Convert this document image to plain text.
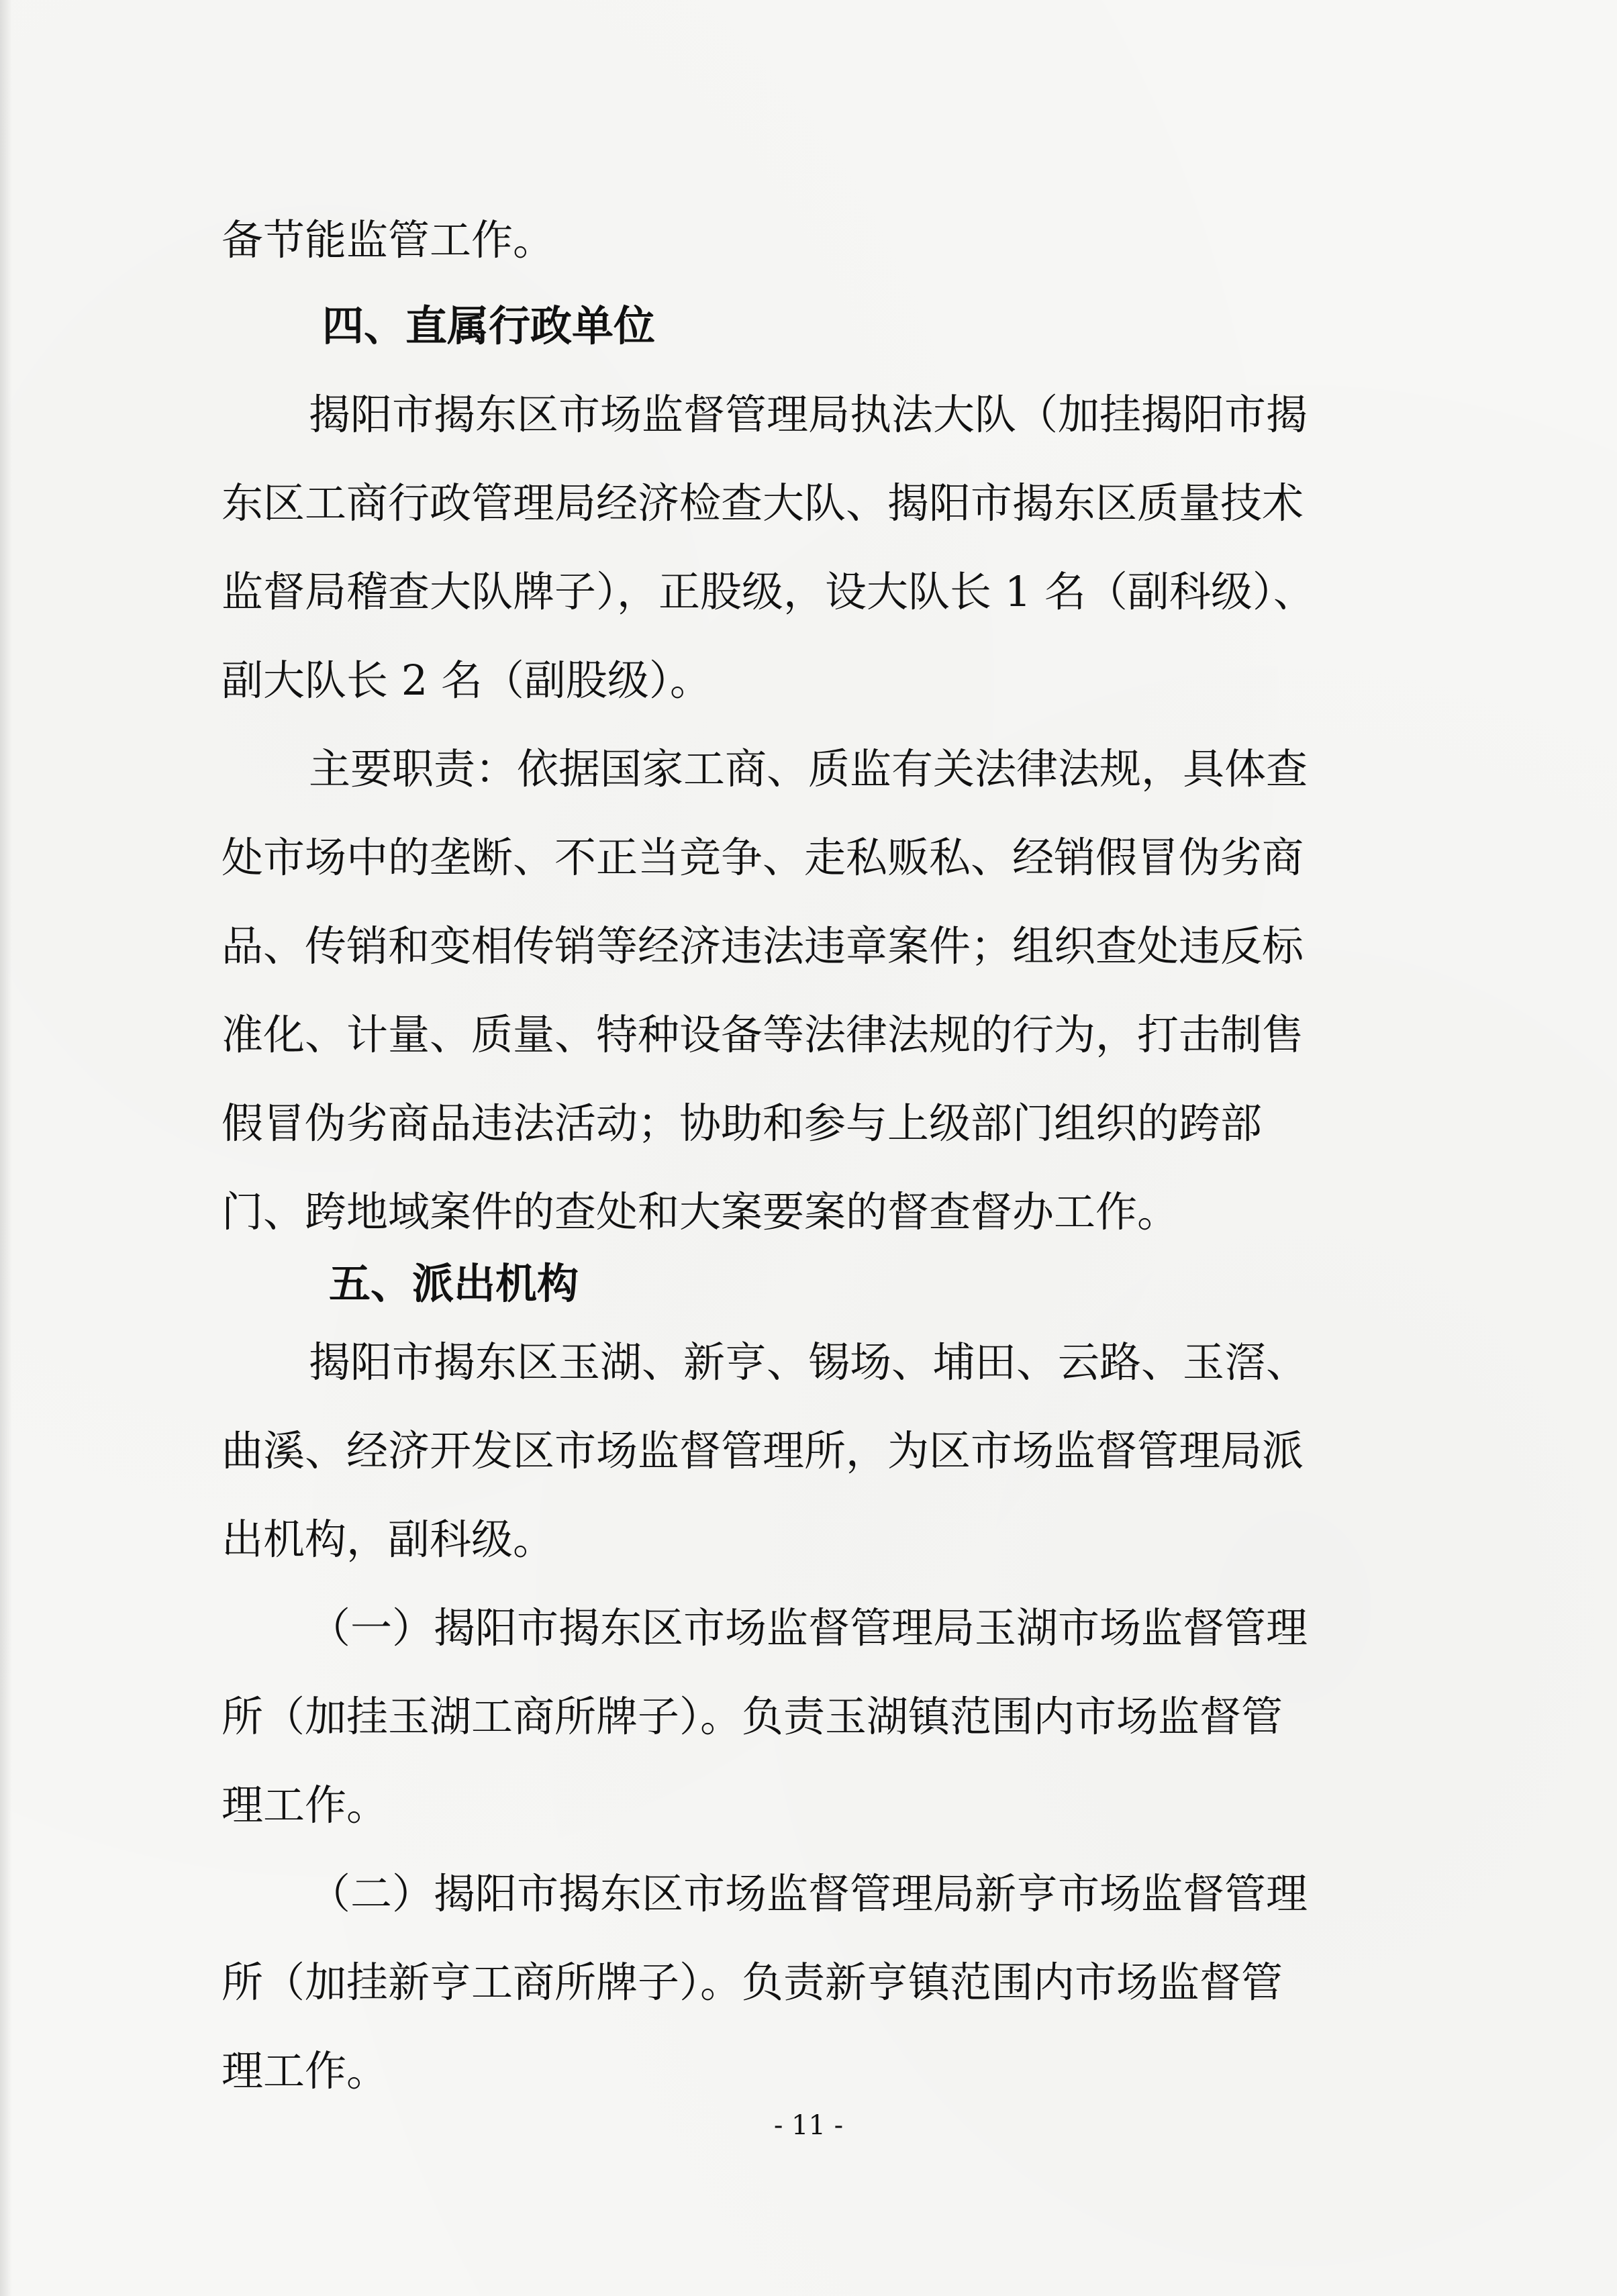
备节能监管工作。
四、直属行政单位
揭阳市揭东区市场监督管理局执法大队（加挂揭阳市揭
东区工商行政管理局经济检查大队、揭阳市揭东区质量技术
监督局稽查大队牌子），正股级，设大队长 1 名（副科级）、
副大队长 2 名（副股级）。
主要职责：依据国家工商、质监有关法律法规，具体查
处市场中的垄断、不正当竞争、走私贩私、经销假冒伪劣商
品、传销和变相传销等经济违法违章案件；组织查处违反标
准化、计量、质量、特种设备等法律法规的行为，打击制售
假冒伪劣商品违法活动；协助和参与上级部门组织的跨部
门、跨地域案件的查处和大案要案的督查督办工作。
五、派出机构
揭阳市揭东区玉湖、新亨、锡场、埔田、云路、玉滘、
曲溪、经济开发区市场监督管理所，为区市场监督管理局派
出机构，副科级。
（一）揭阳市揭东区市场监督管理局玉湖市场监督管理
所（加挂玉湖工商所牌子）。负责玉湖镇范围内市场监督管
理工作。
（二）揭阳市揭东区市场监督管理局新亨市场监督管理
所（加挂新亨工商所牌子）。负责新亨镇范围内市场监督管
理工作。
- 11 -
